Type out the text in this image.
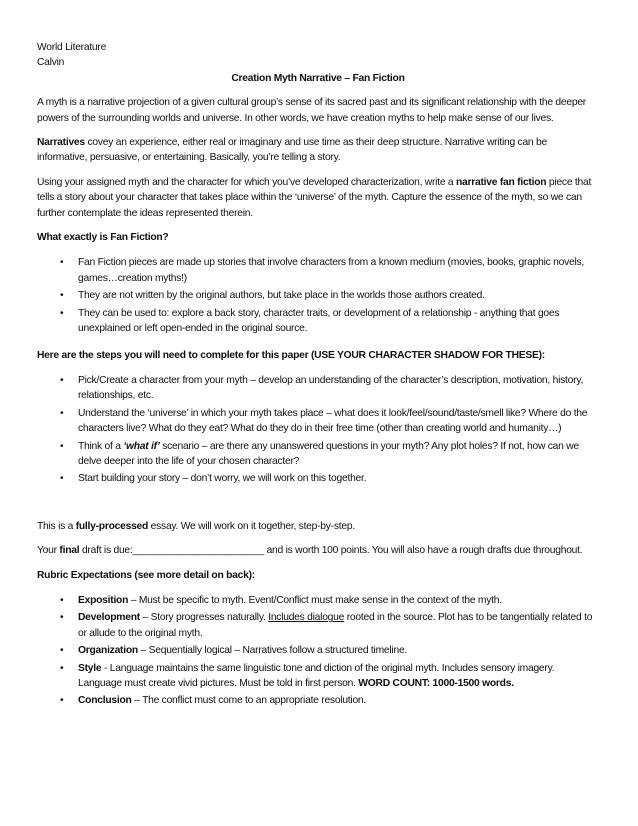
World Literature
Calvin
Creation Myth Narrative – Fan Fiction

A myth is a narrative projection of a given cultural group’s sense of its sacred past and its significant relationship with the deeper powers of the surrounding worlds and universe. In other words, we have creation myths to help make sense of our lives.

Narratives covey an experience, either real or imaginary and use time as their deep structure. Narrative writing can be informative, persuasive, or entertaining. Basically, you’re telling a story.

Using your assigned myth and the character for which you’ve developed characterization, write a narrative fan fiction piece that tells a story about your character that takes place within the ‘universe’ of the myth. Capture the essence of the myth, so we can further contemplate the ideas represented therein.

What exactly is Fan Fiction?
• Fan Fiction pieces are made up stories that involve characters from a known medium (movies, books, graphic novels, games…creation myths!)
• They are not written by the original authors, but take place in the worlds those authors created.
• They can be used to: explore a back story, character traits, or development of a relationship - anything that goes unexplained or left open-ended in the original source.
Here are the steps you will need to complete for this paper (USE YOUR CHARACTER SHADOW FOR THESE):
• Pick/Create a character from your myth – develop an understanding of the character’s description, motivation, history, relationships, etc.
• Understand the ‘universe’ in which your myth takes place – what does it look/feel/sound/taste/smell like? Where do the characters live? What do they eat? What do they do in their free time (other than creating world and humanity…)
• Think of a ‘what if’ scenario – are there any unanswered questions in your myth? Any plot holes? If not, how can we delve deeper into the life of your chosen character?
• Start building your story – don’t worry, we will work on this together.

This is a fully-processed essay. We will work on it together, step-by-step.

Your final draft is due:________________________ and is worth 100 points. You will also have a rough drafts due throughout.

Rubric Expectations (see more detail on back):
• Exposition – Must be specific to myth. Event/Conflict must make sense in the context of the myth.
• Development – Story progresses naturally. Includes dialogue rooted in the source. Plot has to be tangentially related to or allude to the original myth.
• Organization – Sequentially logical – Narratives follow a structured timeline.
• Style - Language maintains the same linguistic tone and diction of the original myth. Includes sensory imagery. Language must create vivid pictures. Must be told in first person. WORD COUNT: 1000-1500 words.
• Conclusion – The conflict must come to an appropriate resolution.
